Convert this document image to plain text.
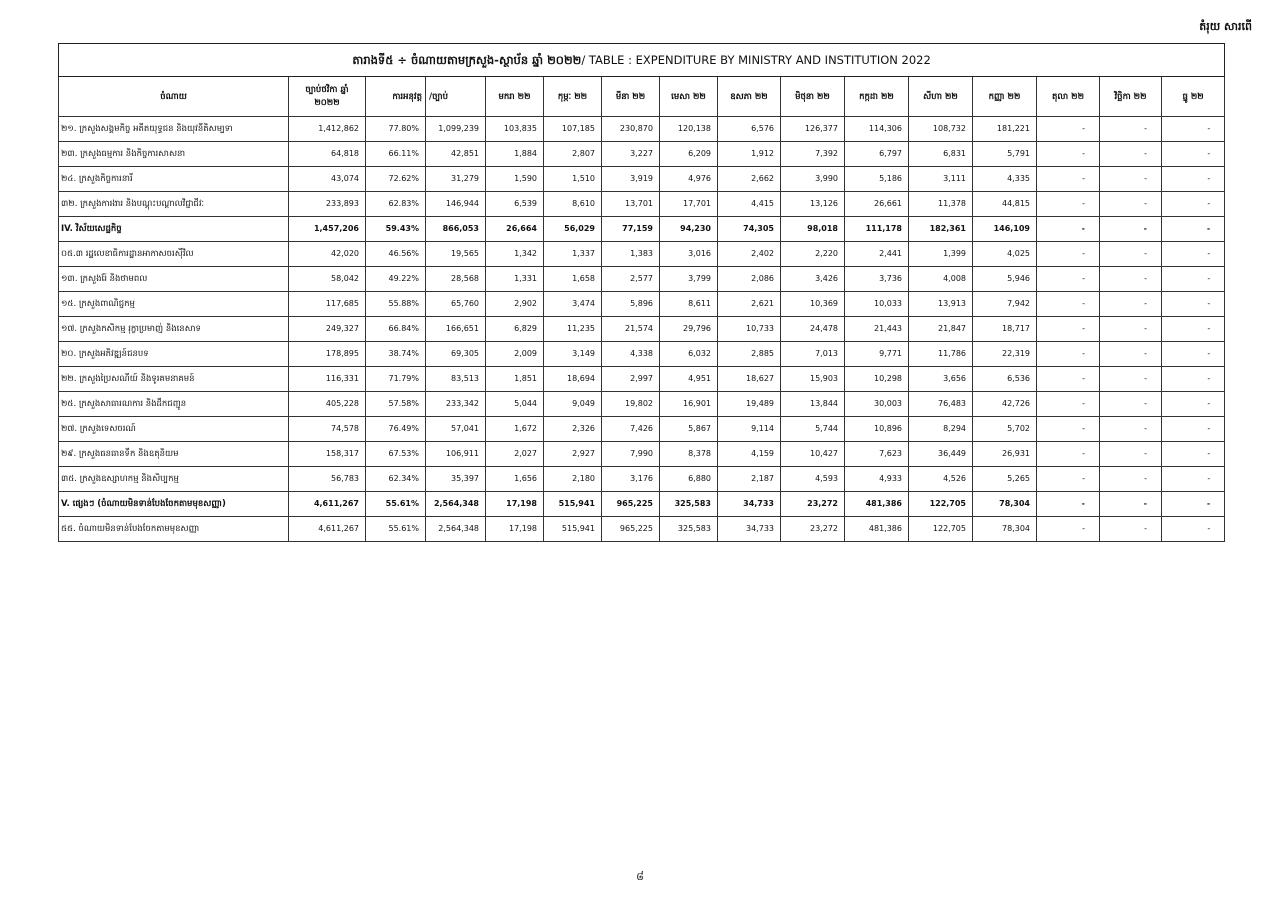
តំរុយ សារពើ
តារាងទី៥ ÷ ចំណាយតាមក្រសួង-ស្ថាប័ន ឆ្នាំ ២០២២/ TABLE : EXPENDITURE BY MINISTRY AND INSTITUTION 2022															
ចំណាយ	ច្បាប់ថវិកា ឆ្នាំ ២០២២	ការអនុវត្ត	/ច្បាប់	មករា ២២	កុម្ភៈ ២២	មីនា ២២	មេសា ២២	ឧសភា ២២	មិថុនា ២២	កក្កដា ២២	សីហា ២២	កញ្ញា ២២	តុលា ២២	វិច្ឆិកា ២២	ធ្នូ ២២
២១. ក្រសួងសង្គមកិច្ច អតីតយុទ្ធជន និងយុវនីតិសម្បទា	1,412,862	77.80%	1,099,239	103,835	107,185	230,870	120,138	6,576	126,377	114,306	108,732	181,221	-	-	-
២៣. ក្រសួងធម្មការ និងកិច្ចការសាសនា	64,818	66.11%	42,851	1,884	2,807	3,227	6,209	1,912	7,392	6,797	6,831	5,791	-	-	-
២៤. ក្រសួងកិច្ចការនារី	43,074	72.62%	31,279	1,590	1,510	3,919	4,976	2,662	3,990	5,186	3,111	4,335	-	-	-
៣២. ក្រសួងការងារ និងបណ្តុះបណ្តាលវិជ្ជាជីវៈ	233,893	62.83%	146,944	6,539	8,610	13,701	17,701	4,415	13,126	26,661	11,378	44,815	-	-	-
IV. វិស័យសេដ្ឋកិច្ច	1,457,206	59.43%	866,053	26,664	56,029	77,159	94,230	74,305	98,018	111,178	182,361	146,109	-	-	-
០៥.៣ រដ្ឋលេខាធិការដ្ឋានអាកាសចរស៊ីវិល	42,020	46.56%	19,565	1,342	1,337	1,383	3,016	2,402	2,220	2,441	1,399	4,025	-	-	-
១៣. ក្រសួងរ៉ែ និងថាមពល	58,042	49.22%	28,568	1,331	1,658	2,577	3,799	2,086	3,426	3,736	4,008	5,946	-	-	-
១៥. ក្រសួងពាណិជ្ជកម្ម	117,685	55.88%	65,760	2,902	3,474	5,896	8,611	2,621	10,369	10,033	13,913	7,942	-	-	-
១៧. ក្រសួងកសិកម្ម រុក្ខាប្រមាញ់ និងនេសាទ	249,327	66.84%	166,651	6,829	11,235	21,574	29,796	10,733	24,478	21,443	21,847	18,717	-	-	-
២០. ក្រសួងអភិវឌ្ឍន៍ជនបទ	178,895	38.74%	69,305	2,009	3,149	4,338	6,032	2,885	7,013	9,771	11,786	22,319	-	-	-
២២. ក្រសួងប្រៃសណីយ៍ និងទូរគមនាគមន៍	116,331	71.79%	83,513	1,851	18,694	2,997	4,951	18,627	15,903	10,298	3,656	6,536	-	-	-
២៥. ក្រសួងសាធារណការ និងដឹកជញ្ជូន	405,228	57.58%	233,342	5,044	9,049	19,802	16,901	19,489	13,844	30,003	76,483	42,726	-	-	-
២៧. ក្រសួងទេសចរណ៍	74,578	76.49%	57,041	1,672	2,326	7,426	5,867	9,114	5,744	10,896	8,294	5,702	-	-	-
២៩. ក្រសួងធនធានទឹក និងឧតុនិយម	158,317	67.53%	106,911	2,027	2,927	7,990	8,378	4,159	10,427	7,623	36,449	26,931	-	-	-
៣៥. ក្រសួងឧស្សាហកម្ម និងសិប្បកម្ម	56,783	62.34%	35,397	1,656	2,180	3,176	6,880	2,187	4,593	4,933	4,526	5,265	-	-	-
V. ផ្សេងៗ (ចំណាយមិនទាន់បែងចែកតាមមុខសញ្ញា)	4,611,267	55.61%	2,564,348	17,198	515,941	965,225	325,583	34,733	23,272	481,386	122,705	78,304	-	-	-
៥៥. ចំណាយមិនទាន់បែងចែកតាមមុខសញ្ញា	4,611,267	55.61%	2,564,348	17,198	515,941	965,225	325,583	34,733	23,272	481,386	122,705	78,304	-	-	-
៨
